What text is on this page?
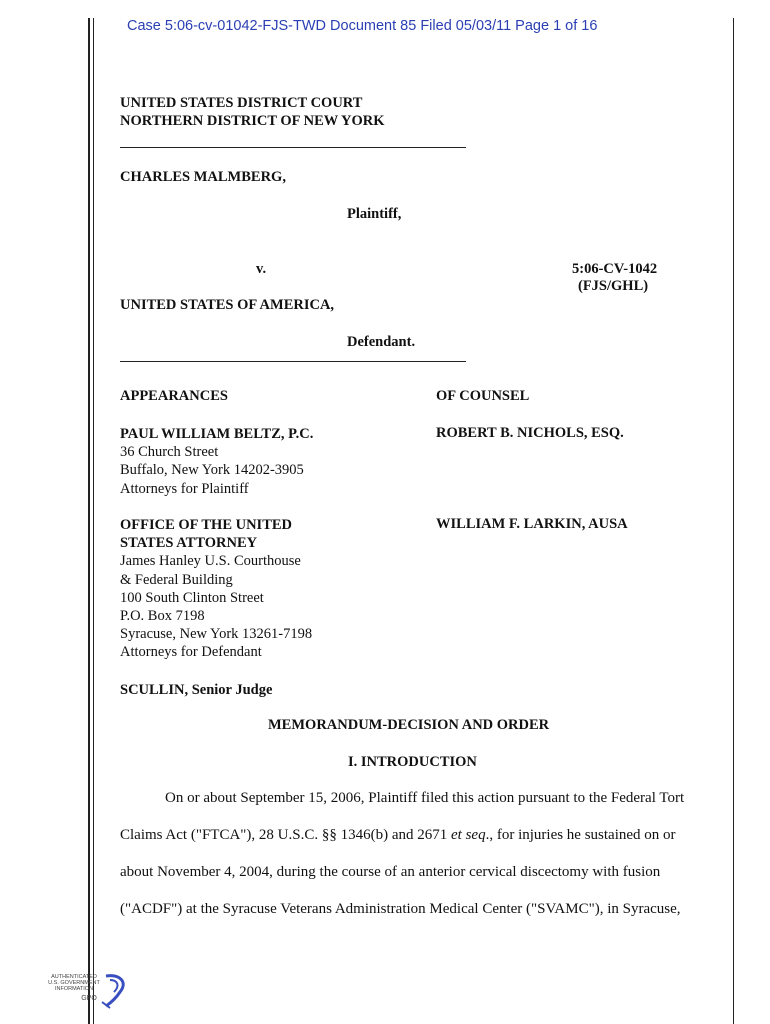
Case 5:06-cv-01042-FJS-TWD Document 85 Filed 05/03/11 Page 1 of 16
UNITED STATES DISTRICT COURT
NORTHERN DISTRICT OF NEW YORK
CHARLES MALMBERG,
Plaintiff,
v.	5:06-CV-1042
(FJS/GHL)
UNITED STATES OF AMERICA,
Defendant.
APPEARANCES	OF COUNSEL
PAUL WILLIAM BELTZ, P.C.
36 Church Street
Buffalo, New York 14202-3905
Attorneys for Plaintiff
ROBERT B. NICHOLS, ESQ.
OFFICE OF THE UNITED
STATES ATTORNEY
James Hanley U.S. Courthouse
& Federal Building
100 South Clinton Street
P.O. Box 7198
Syracuse, New York 13261-7198
Attorneys for Defendant
WILLIAM F. LARKIN, AUSA
SCULLIN, Senior Judge
MEMORANDUM-DECISION AND ORDER
I. INTRODUCTION
On or about September 15, 2006, Plaintiff filed this action pursuant to the Federal Tort
Claims Act ("FTCA"), 28 U.S.C. §§ 1346(b) and 2671 et seq., for injuries he sustained on or
about November 4, 2004, during the course of an anterior cervical discectomy with fusion
("ACDF") at the Syracuse Veterans Administration Medical Center ("SVAMC"), in Syracuse,
AUTHENTICATED
U.S. GOVERNMENT
INFORMATION
GPO
